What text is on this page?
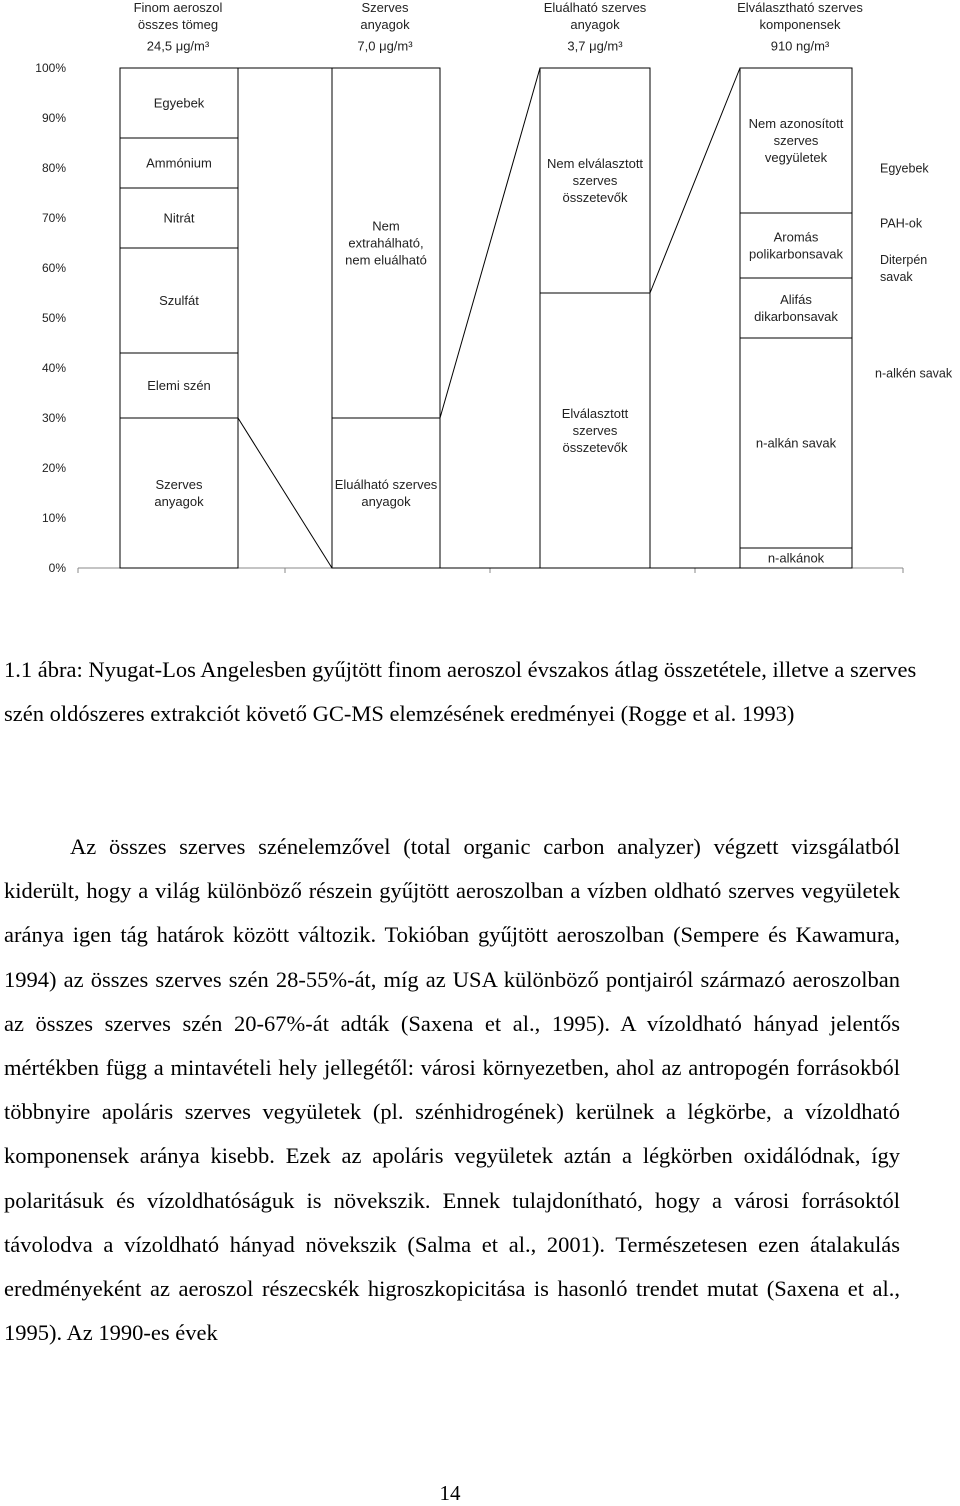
0%
10%
20%
30%
40%
50%
60%
70%
80%
90%
100%
Szerves anyagok
Elemi szén
Szulfát
Nitrát
Ammónium
Egyebek
Finom aeroszol összes tömeg
24,5 μg/m³
Eluálható szerves anyagok
Nem extrahálható, nem eluálható
Szerves anyagok
7,0 μg/m³
Elválasztott szerves összetevők
Nem elválasztott szerves összetevők
Eluálható szerves anyagok
3,7 μg/m³
n-alkánok
n-alkán savak
Alifás dikarbonsavak
Aromás polikarbonsavak
Nem azonosított szerves vegyületek
Elválasztható szerves komponensek
910 ng/m³
n-alkén savak
Diterpén savak
PAH-ok
Egyebek

1.1 ábra: Nyugat-Los Angelesben gyűjtött finom aeroszol évszakos átlag összetétele, illetve a szerves szén oldószeres extrakciót követő GC-MS elemzésének eredményei (Rogge et al. 1993)

Az összes szerves szénelemzővel (total organic carbon analyzer) végzett vizsgálatból kiderült, hogy a világ különböző részein gyűjtött aeroszolban a vízben oldható szerves vegyületek aránya igen tág határok között változik. Tokióban gyűjtött aeroszolban (Sempere és Kawamura, 1994) az összes szerves szén 28-55%-át, míg az USA különböző pontjairól származó aeroszolban az összes szerves szén 20-67%-át adták (Saxena et al., 1995). A vízoldható hányad jelentős mértékben függ a mintavételi hely jellegétől: városi környezetben, ahol az antropogén forrásokból többnyire apoláris szerves vegyületek (pl. szénhidrogének) kerülnek a légkörbe, a vízoldható komponensek aránya kisebb. Ezek az apoláris vegyületek aztán a légkörben oxidálódnak, így polaritásuk és vízoldhatóságuk is növekszik. Ennek tulajdonítható, hogy a városi forrásoktól távolodva a vízoldható hányad növekszik (Salma et al., 2001). Természetesen ezen átalakulás eredményeként az aeroszol részecskék higroszkopicitása is hasonló trendet mutat (Saxena et al., 1995). Az 1990-es évek

14
